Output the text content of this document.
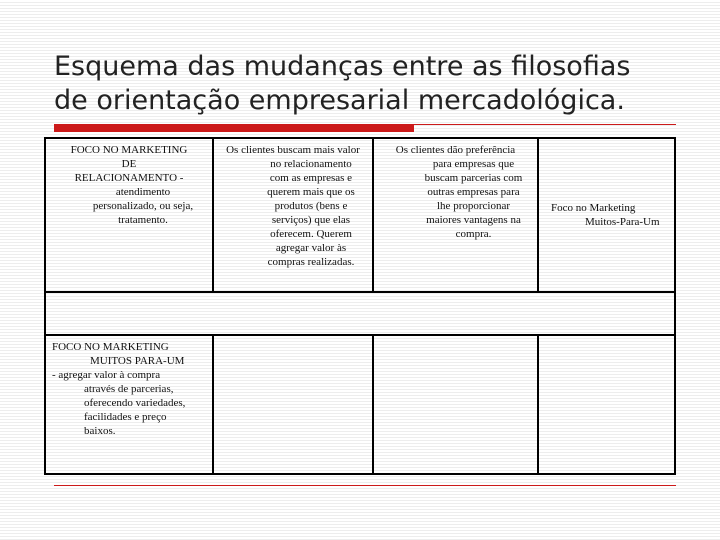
Esquema das mudanças entre as filosofias
de orientação empresarial mercadológica.
FOCO NO MARKETING
DE
RELACIONAMENTO -
atendimento
personalizado, ou seja,
tratamento.
Os clientes buscam mais valor
no relacionamento
com as empresas e
querem mais que os
produtos (bens e
serviços) que elas
oferecem. Querem
agregar valor às
compras realizadas.
Os clientes dão preferência
para empresas que
buscam parcerias com
outras empresas para
lhe proporcionar
maiores vantagens na
compra.
Foco no Marketing
Muitos-Para-Um
FOCO NO MARKETING
MUITOS PARA-UM
- agregar valor à compra
através de parcerias,
oferecendo variedades,
facilidades e preço
baixos.
